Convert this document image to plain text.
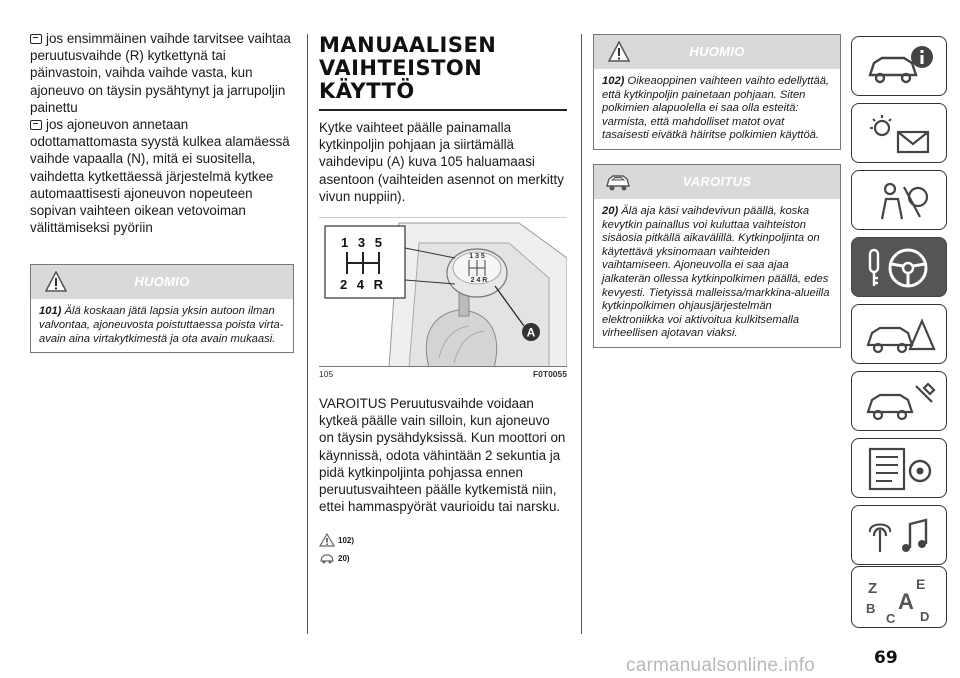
jos ensimmäinen vaihde tarvitsee vaihtaa peruutusvaihde (R) kytkettynä tai päinvastoin, vaihda vaihde vasta, kun ajoneuvo on täysin pysähtynyt ja jarrupoljin painettu

jos ajoneuvon annetaan odottamattomasta syystä kulkea alamäessä vaihde vapaalla (N), mitä ei suositella, vaihdetta kytkettäessä järjestelmä kytkee automaattisesti ajoneuvon nopeuteen sopivan vaihteen oikean vetovoiman välittämiseksi pyöriin

HUOMIO
101) Älä koskaan jätä lapsia yksin autoon ilman valvontaa, ajoneuvosta poistuttaessa poista virta-avain aina virtakytkimestä ja ota avain mukaasi.
MANUAALISEN
VAIHTEISTON
KÄYTTÖ

Kytke vaihteet päälle painamalla kytkinpoljin pohjaan ja siirtämällä vaihdevipu (A) kuva 105 haluamaasi asentoon (vaihteiden asennot on merkitty vivun nuppiin).

A
1 3 5
2 4 R
1 3 5
2 4 R
105	F0T0055

VAROITUS Peruutusvaihde voidaan kytkeä päälle vain silloin, kun ajoneuvo on täysin pysähdyksissä. Kun moottori on käynnissä, odota vähintään 2 sekuntia ja pidä kytkinpoljinta pohjassa ennen peruutusvaihteen päälle kytkemistä niin, ettei hammaspyörät vaurioidu tai narsku.

102)
20)
HUOMIO
102) Oikeaoppinen vaihteen vaihto edellyttää, että kytkinpoljin painetaan pohjaan. Siten polkimien alapuolella ei saa olla esteitä: varmista, että mahdolliset matot ovat tasaisesti eivätkä häiritse polkimien käyttöä.
VAROITUS
20) Älä aja käsi vaihdevivun päällä, koska kevytkin painallus voi kuluttaa vaihteiston sisäosia pitkällä aikavälillä. Kytkinpoljinta on käytettävä yksinomaan vaihteiden vaihtamiseen. Ajoneuvolla ei saa ajaa jalkaterän ollessa kytkinpolkimen päällä, edes kevyesti. Tietyissä malleissa/markkina-alueilla kytkinpolkimen ohjausjärjestelmän elektroniikka voi aktivoitua kulkitsemalla virheellisen ajotavan viaksi.
Z	E
A
B
C D
69
carmanualsonline.info
